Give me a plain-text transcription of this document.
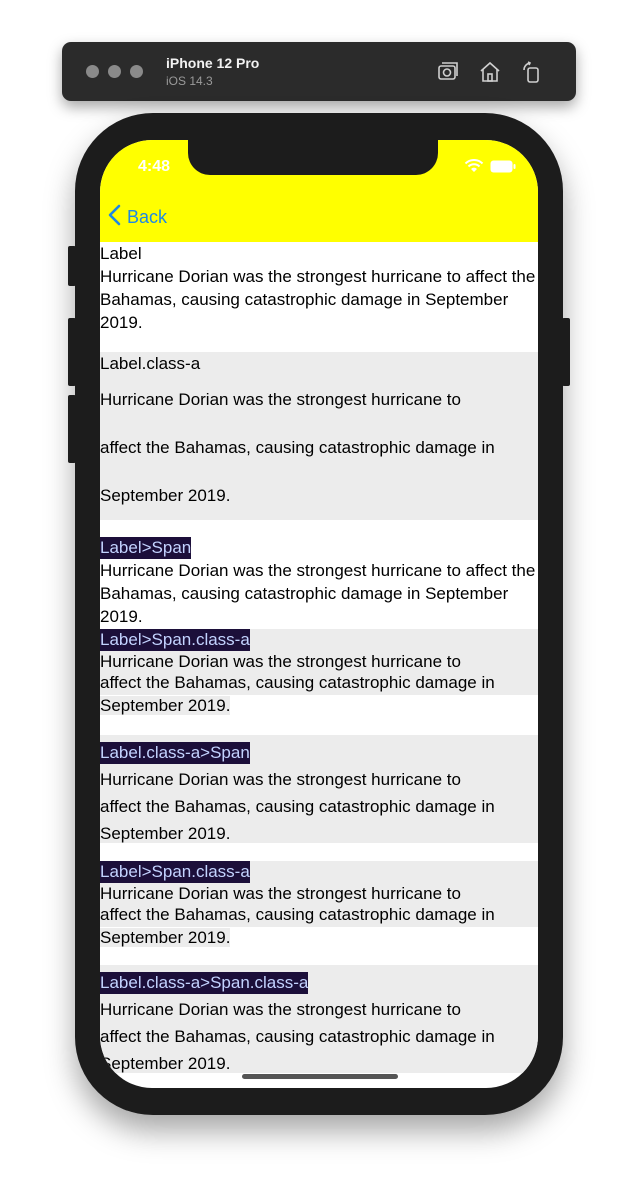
iPhone 12 Pro
iOS 14.3
4:48
Back

Label

Hurricane Dorian was the strongest hurricane to affect the Bahamas, causing catastrophic damage in September 2019.

Label.class-a

Hurricane Dorian was the strongest hurricane to

affect the Bahamas, causing catastrophic damage in

September 2019.

Label>Span

Hurricane Dorian was the strongest hurricane to affect the Bahamas, causing catastrophic damage in September 2019.

Label>Span.class-a

Hurricane Dorian was the strongest hurricane to

affect the Bahamas, causing catastrophic damage in

September 2019.

Label.class-a>Span

Hurricane Dorian was the strongest hurricane to

affect the Bahamas, causing catastrophic damage in

September 2019.

Label>Span.class-a

Hurricane Dorian was the strongest hurricane to

affect the Bahamas, causing catastrophic damage in

September 2019.

Label.class-a>Span.class-a

Hurricane Dorian was the strongest hurricane to

affect the Bahamas, causing catastrophic damage in

September 2019.
